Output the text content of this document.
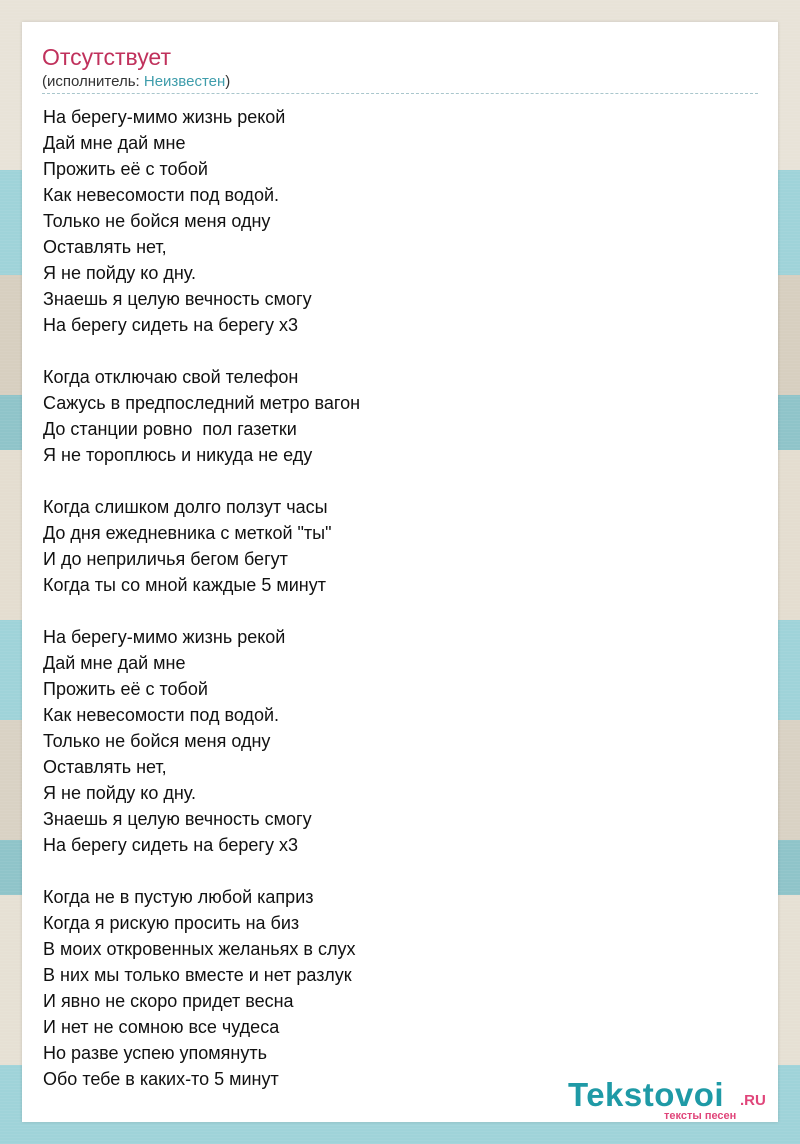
Отсутствует
(исполнитель: Неизвестен)
На берегу-мимо жизнь рекой
Дай мне дай мне
Прожить её с тобой
Как невесомости под водой.
Только не бойся меня одну
Оставлять нет,
Я не пойду ко дну.
Знаешь я целую вечность смогу
На берегу сидеть на берегу х3
Когда отключаю свой телефон
Сажусь в предпоследний метро вагон
До станции ровно  пол газетки
Я не тороплюсь и никуда не еду
Когда слишком долго ползут часы
До дня ежедневника с меткой "ты"
И до неприличья бегом бегут
Когда ты со мной каждые 5 минут
На берегу-мимо жизнь рекой
Дай мне дай мне
Прожить её с тобой
Как невесомости под водой.
Только не бойся меня одну
Оставлять нет,
Я не пойду ко дну.
Знаешь я целую вечность смогу
На берегу сидеть на берегу х3
Когда не в пустую любой каприз
Когда я рискую просить на биз
В моих откровенных желаньях в слух
В них мы только вместе и нет разлук
И явно не скоро придет весна
И нет не сомною все чудеса
Но разве успею упомянуть
Обо тебе в каких-то 5 минут	Tekstovoi .RU
тексты песен
